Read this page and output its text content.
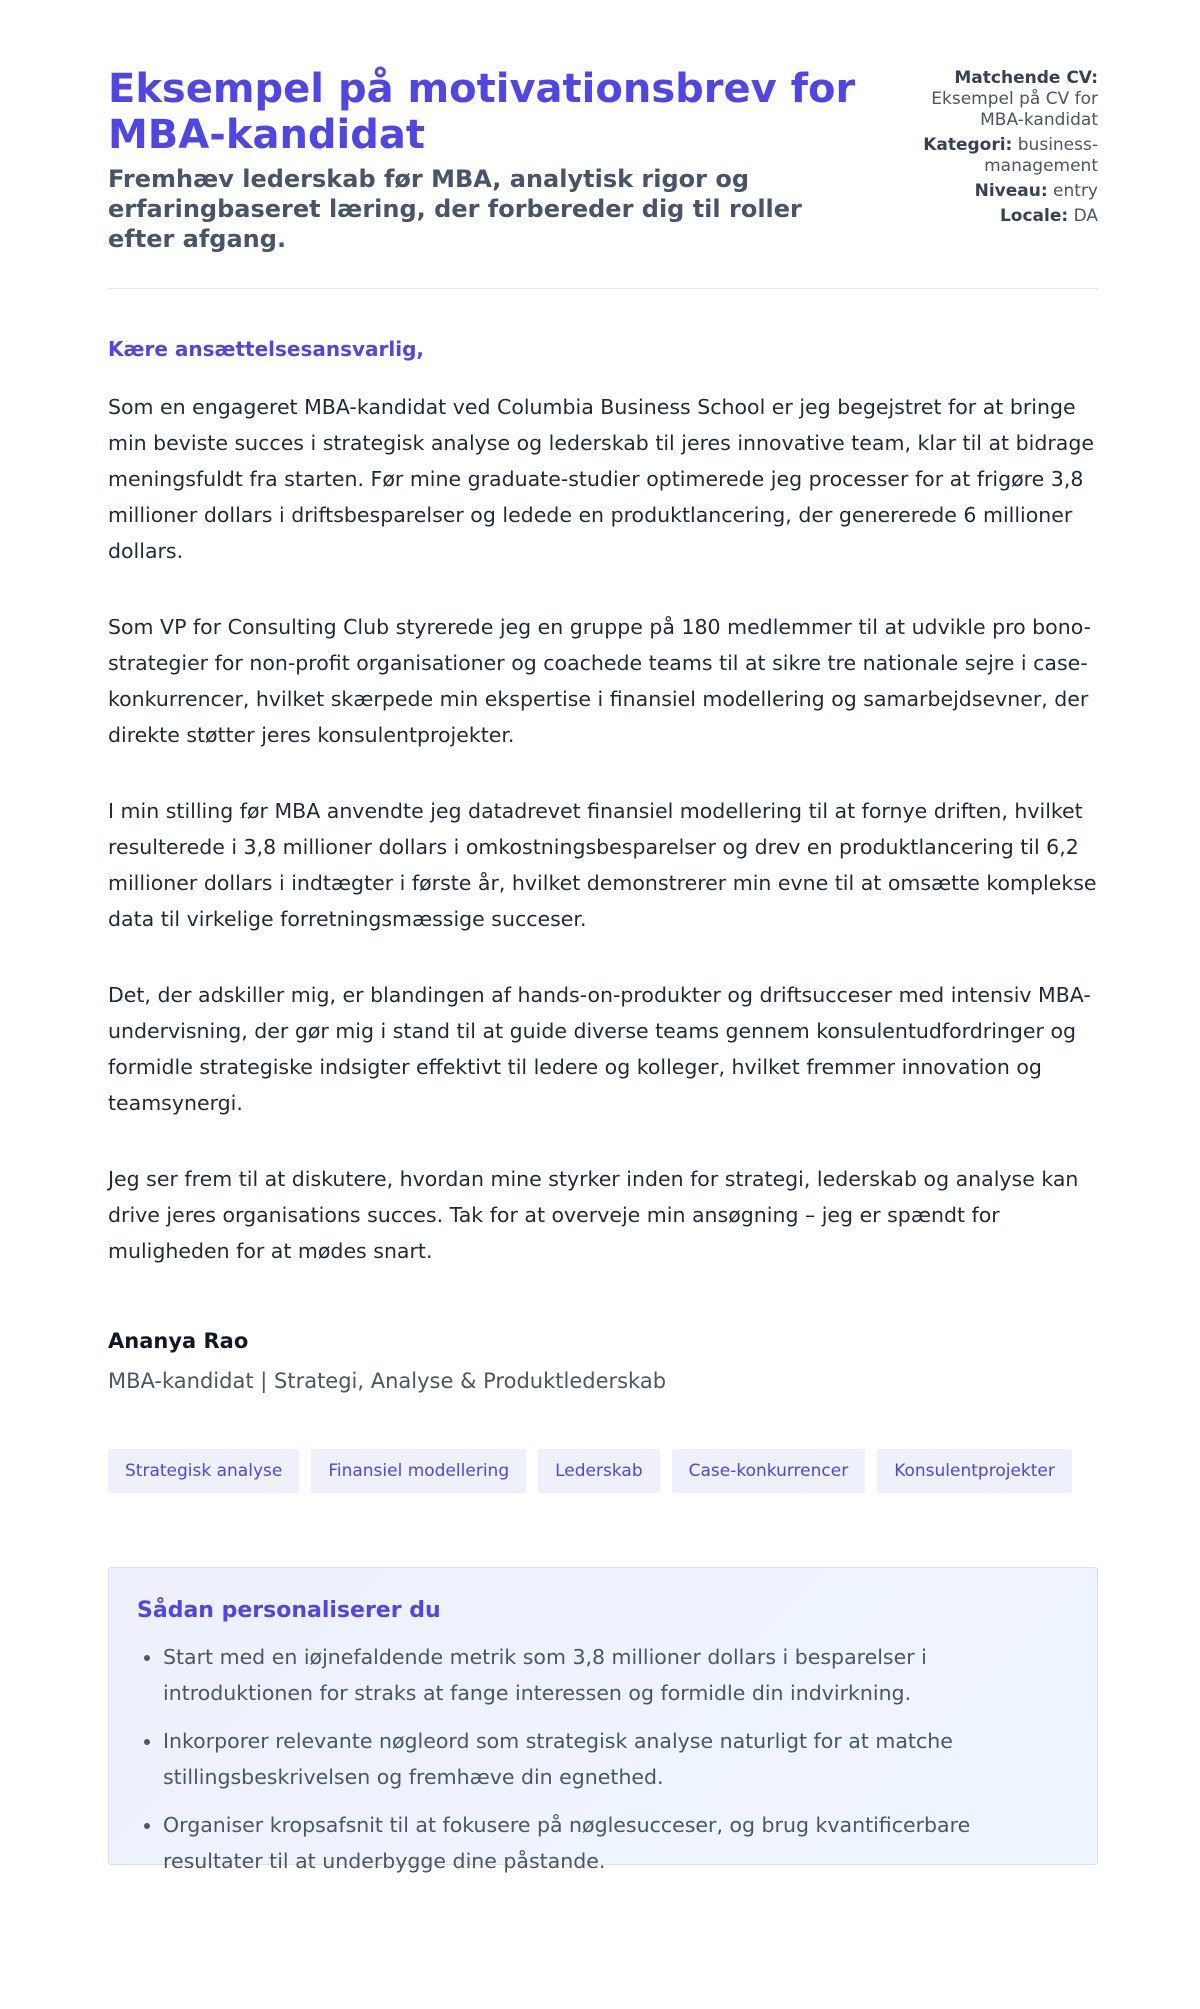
Eksempel på motivationsbrev for MBA-kandidat
Fremhæv lederskab før MBA, analytisk rigor og erfaringbaseret læring, der forbereder dig til roller efter afgang.
Matchende CV:
Eksempel på CV for MBA-kandidat
Kategori: business-management
Niveau: entry
Locale: DA
Kære ansættelsesansvarlig,

Som en engageret MBA-kandidat ved Columbia Business School er jeg begejstret for at bringe min beviste succes i strategisk analyse og lederskab til jeres innovative team, klar til at bidrage meningsfuldt fra starten. Før mine graduate-studier optimerede jeg processer for at frigøre 3,8 millioner dollars i driftsbesparelser og ledede en produktlancering, der genererede 6 millioner dollars.

Som VP for Consulting Club styrerede jeg en gruppe på 180 medlemmer til at udvikle pro bono-strategier for non-profit organisationer og coachede teams til at sikre tre nationale sejre i case-konkurrencer, hvilket skærpede min ekspertise i finansiel modellering og samarbejdsevner, der direkte støtter jeres konsulentprojekter.

I min stilling før MBA anvendte jeg datadrevet finansiel modellering til at fornye driften, hvilket resulterede i 3,8 millioner dollars i omkostningsbesparelser og drev en produktlancering til 6,2 millioner dollars i indtægter i første år, hvilket demonstrerer min evne til at omsætte komplekse data til virkelige forretningsmæssige succeser.

Det, der adskiller mig, er blandingen af hands-on-produkter og driftsucceser med intensiv MBA-undervisning, der gør mig i stand til at guide diverse teams gennem konsulentudfordringer og formidle strategiske indsigter effektivt til ledere og kolleger, hvilket fremmer innovation og teamsynergi.

Jeg ser frem til at diskutere, hvordan mine styrker inden for strategi, lederskab og analyse kan drive jeres organisations succes. Tak for at overveje min ansøgning – jeg er spændt for muligheden for at mødes snart.

Ananya Rao
MBA-kandidat | Strategi, Analyse & Produktlederskab
Strategisk analyse	Finansiel modellering	Lederskab	Case-konkurrencer	Konsulentprojekter
Sådan personaliserer du
• Start med en iøjnefaldende metrik som 3,8 millioner dollars i besparelser i introduktionen for straks at fange interessen og formidle din indvirkning.
• Inkorporer relevante nøgleord som strategisk analyse naturligt for at matche stillingsbeskrivelsen og fremhæve din egnethed.
• Organiser kropsafsnit til at fokusere på nøglesucceser, og brug kvantificerbare resultater til at underbygge dine påstande.
